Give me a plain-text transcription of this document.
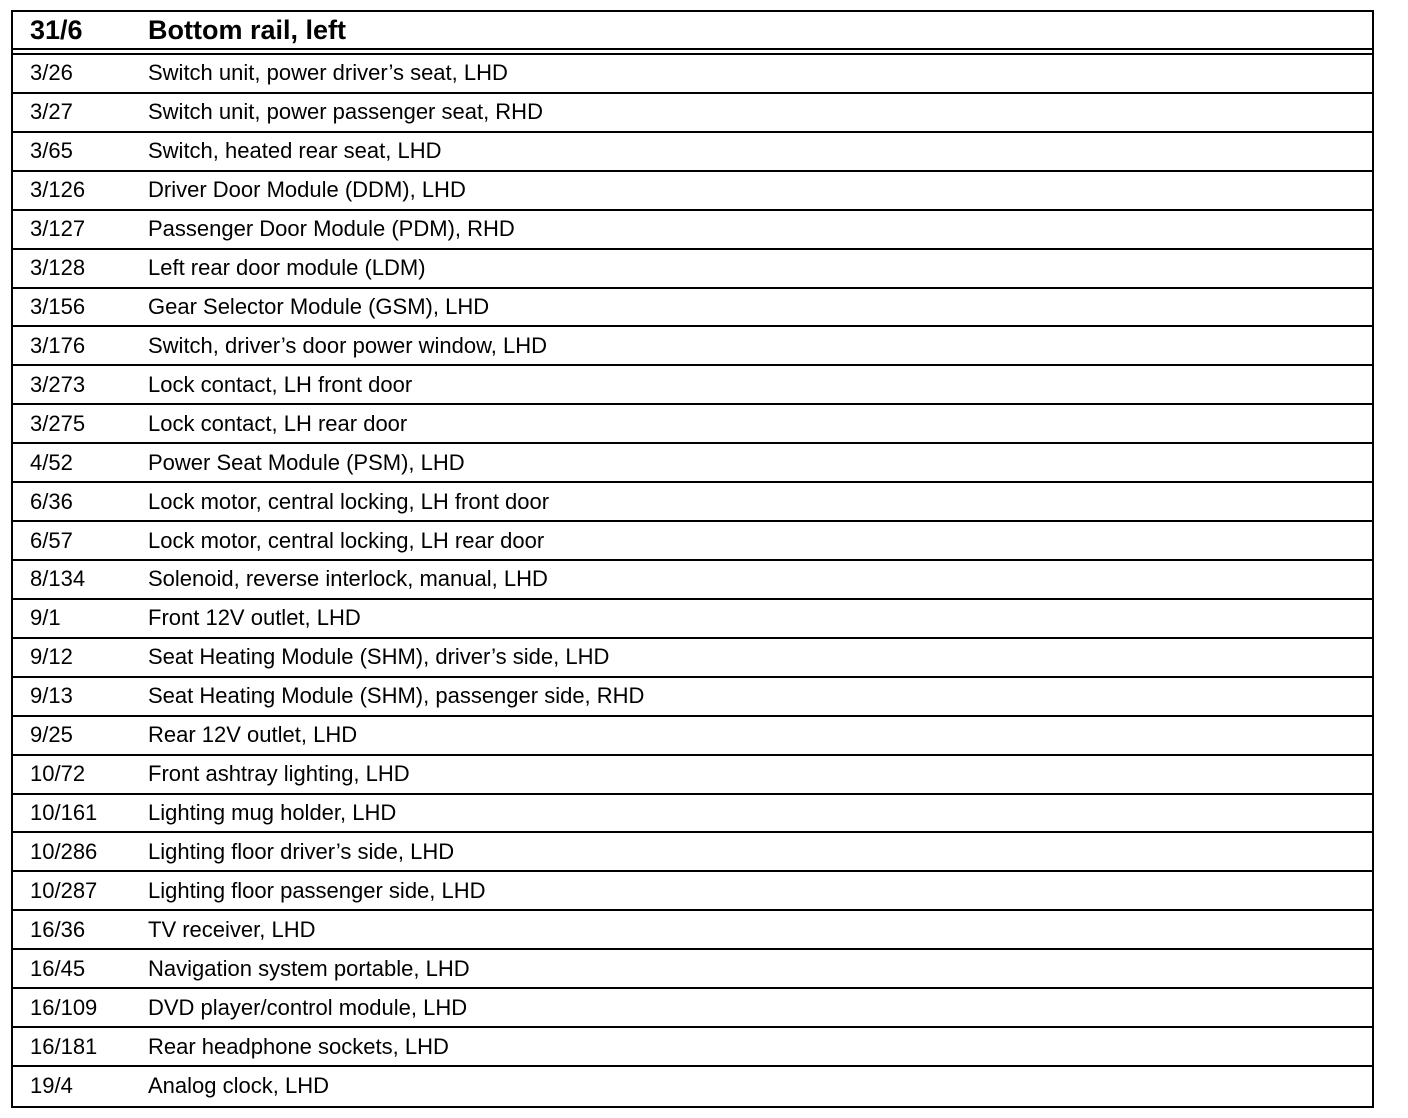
31/6	Bottom rail, left
3/26	Switch unit, power driver’s seat, LHD
3/27	Switch unit, power passenger seat, RHD
3/65	Switch, heated rear seat, LHD
3/126	Driver Door Module (DDM), LHD
3/127	Passenger Door Module (PDM), RHD
3/128	Left rear door module (LDM)
3/156	Gear Selector Module (GSM), LHD
3/176	Switch, driver’s door power window, LHD
3/273	Lock contact, LH front door
3/275	Lock contact, LH rear door
4/52	Power Seat Module (PSM), LHD
6/36	Lock motor, central locking, LH front door
6/57	Lock motor, central locking, LH rear door
8/134	Solenoid, reverse interlock, manual, LHD
9/1	Front 12V outlet, LHD
9/12	Seat Heating Module (SHM), driver’s side, LHD
9/13	Seat Heating Module (SHM), passenger side, RHD
9/25	Rear 12V outlet, LHD
10/72	Front ashtray lighting, LHD
10/161	Lighting mug holder, LHD
10/286	Lighting floor driver’s side, LHD
10/287	Lighting floor passenger side, LHD
16/36	TV receiver, LHD
16/45	Navigation system portable, LHD
16/109	DVD player/control module, LHD
16/181	Rear headphone sockets, LHD
19/4	Analog clock, LHD
